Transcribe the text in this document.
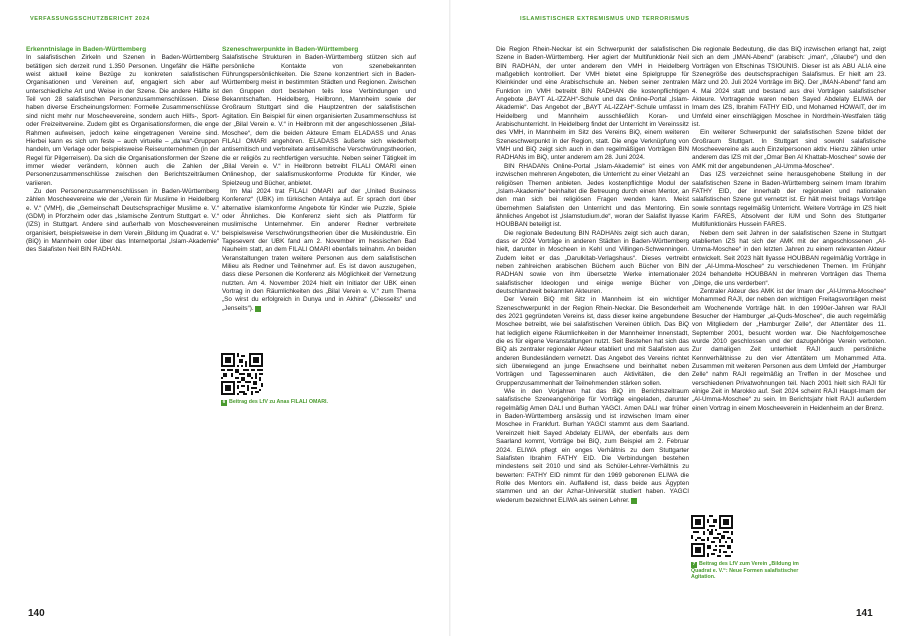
VERFASSUNGSSCHUTZBERICHT 2024
Erkenntnislage in Baden-Württemberg

In salafistischen Zirkeln und Szenen in Baden-Württemberg betätigen sich derzeit rund 1.350 Personen. Ungefähr die Hälfte weist aktuell keine Bezüge zu konkreten salafistischen Organisationen und Vereinen auf, engagiert sich aber auf unterschiedliche Art und Weise in der Szene. Die andere Hälfte ist Teil von 28 salafistischen Personenzusammenschlüssen. Diese haben diverse Erscheinungsformen: Formelle Zusammenschlüsse sind nicht mehr nur Moscheevereine, sondern auch Hilfs-, Sport- oder Freizeitvereine. Zudem gibt es Organisationsformen, die enge Rahmen aufweisen, jedoch keine eingetragenen Vereine sind. Hierbei kann es sich um feste – auch virtuelle – „da'wa“-Gruppen handeln, um Verlage oder beispielsweise Reiseunternehmen (in der Regel für Pilgerreisen). Da sich die Organisationsformen der Szene immer wieder verändern, können auch die Zahlen der Personenzusammenschlüsse zwischen den Berichtszeiträumen variieren.

Zu den Personenzusammenschlüssen in Baden-Württemberg zählen Moscheevereine wie der „Verein für Muslime in Heidelberg e. V.“ (VMH), die „Gemeinschaft Deutschsprachiger Muslime e. V.“ (GDM) in Pforzheim oder das „Islamische Zentrum Stuttgart e. V.“ (IZS) in Stuttgart. Andere sind außerhalb von Moscheevereinen organisiert, beispielsweise in dem Verein „Bildung im Quadrat e. V.“ (BiQ) in Mannheim oder über das Internetportal „Islam-Akademie“ des Salafisten Neil BIN RADHAN.

Szeneschwerpunkte in Baden-Württemberg

Salafistische Strukturen in Baden-Württemberg stützen sich auf persönliche Kontakte von szenebekannten Führungspersönlichkeiten. Die Szene konzentriert sich in Baden-Württemberg meist in bestimmten Städten und Regionen. Zwischen den Gruppen dort bestehen teils lose Verbindungen und Bekanntschaften. Heidelberg, Heilbronn, Mannheim sowie der Großraum Stuttgart sind die Hauptzentren der salafistischen Agitation. Ein Beispiel für einen organisierten Zusammenschluss ist der „Bilal Verein e. V.“ in Heilbronn mit der angeschlossenen „Bilal-Moschee“, dem die beiden Akteure Emam ELADASS und Anas FILALI OMARI angehören. ELADASS äußerte sich wiederholt antisemitisch und verbreitete antisemitische Verschwörungstheorien, die er religiös zu rechtfertigen versuchte. Neben seiner Tätigkeit im „Bilal Verein e. V.“ in Heilbronn betreibt FILALI OMARI einen Onlineshop, der salafismuskonforme Produkte für Kinder, wie Spielzeug und Bücher, anbietet.

Im Mai 2024 trat FILALI OMARI auf der „United Business Konferenz“ (UBK) im türkischen Antalya auf. Er sprach dort über alternative islamkonforme Angebote für Kinder wie Puzzle, Spiele oder Ähnliches. Die Konferenz sieht sich als Plattform für muslimische Unternehmer. Ein anderer Redner verbreitete beispielsweise Verschwörungstheorien über die Musikindustrie. Ein Tagesevent der UBK fand am 2. November im hessischen Bad Nauheim statt, an dem FILALI OMARI ebenfalls teilnahm. An beiden Veranstaltungen traten weitere Personen aus dem salafistischen Milieu als Redner und Teilnehmer auf. Es ist davon auszugehen, dass diese Personen die Konferenz als Möglichkeit der Vernetzung nutzten. Am 4. November 2024 hielt ein Initiator der UBK einen Vortrag in den Räumlichkeiten des „Bilal Verein e. V.“ zum Thema „So wirst du erfolgreich in Dunya und in Akhira“ („Diesseits“ und „Jenseits“). 6

6 Beitrag des LfV zu Anas FILALI OMARI.
140
ISLAMISTISCHER EXTREMISMUS UND TERRORISMUS
141

Die Region Rhein-Neckar ist ein Schwerpunkt der salafistischen Szene in Baden-Württemberg. Hier agiert der Multifunktionär Neil BIN RADHAN, der unter anderem den VMH in Heidelberg maßgeblich kontrolliert. Der VMH bietet eine Spielgruppe für Kleinkinder und eine Arabischschule an. Neben seiner zentralen Funktion im VMH betreibt BIN RADHAN die kostenpflichtigen Angebote „BAYT AL-IZZAH“-Schule und das Online-Portal „Islam-Akademie“. Das Angebot der „BAYT AL-IZZAH“-Schule umfasst in Heidelberg und Mannheim ausschließlich Koran- und Arabischunterricht. In Heidelberg findet der Unterricht im Vereinssitz des VMH, in Mannheim im Sitz des Vereins BiQ, einem weiteren Szeneschwerpunkt in der Region, statt. Die enge Verknüpfung von VMH und BiQ zeigt sich auch in den regelmäßigen Vorträgen BIN RADHANs im BiQ, unter anderem am 28. Juni 2024.

BIN RHADANs Online-Portal „Islam-Akademie“ ist eines von inzwischen mehreren Angeboten, die Unterricht zu einer Vielzahl an religiösen Themen anbieten. Jedes kostenpflichtige Modul der „Islam-Akademie“ beinhaltet die Betreuung durch einen Mentor, an den man sich bei religiösen Fragen wenden kann. Meist übernehmen Salafisten den Unterricht und das Mentoring. Ein ähnliches Angebot ist „Islamstudium.de“, woran der Salafist Ilyasse HOUBBAN beteiligt ist.

Die regionale Bedeutung BIN RADHANs zeigt sich auch daran, dass er 2024 Vorträge in anderen Städten in Baden-Württemberg hielt, darunter in Moscheen in Kehl und Villingen-Schwenningen. Zudem leitet er das „Darulkitab-Verlagshaus“. Dieses vertreibt neben zahlreichen arabischen Büchern auch Bücher von BIN RADHAN sowie von ihm übersetzte Werke internationaler salafistischer Ideologen und einige wenige Bücher von deutschlandweit bekannten Akteuren.

Der Verein BiQ mit Sitz in Mannheim ist ein wichtiger Szeneschwerpunkt in der Region Rhein-Neckar. Die Besonderheit des 2021 gegründeten Vereins ist, dass dieser keine angebundene Moschee betreibt, wie bei salafistischen Vereinen üblich. Das BiQ hat lediglich eigene Räumlichkeiten in der Mannheimer Innenstadt, die es für eigene Veranstaltungen nutzt. Seit Bestehen hat sich das BiQ als zentraler regionaler Akteur etabliert und mit Salafisten aus anderen Bundesländern vernetzt. Das Angebot des Vereins richtet sich überwiegend an junge Erwachsene und beinhaltet neben Vorträgen und Tagesseminaren auch Aktivitäten, die den Gruppenzusammenhalt der Teilnehmenden stärken sollen.

Wie in den Vorjahren hat das BiQ im Berichtszeitraum salafistische Szeneangehörige für Vorträge eingeladen, darunter regelmäßig Amen DALI und Burhan YAGCI. Amen DALI war früher in Baden-Württemberg ansässig und ist inzwischen Imam einer Moschee in Frankfurt. Burhan YAGCI stammt aus dem Saarland. Vereinzelt hielt Sayed Abdelaty ELIWA, der ebenfalls aus dem Saarland kommt, Vorträge bei BiQ, zum Beispiel am 2. Februar 2024. ELIWA pflegt ein enges Verhältnis zu dem Stuttgarter Salafisten Ibrahim FATHY EID. Die Verbindungen bestehen mindestens seit 2010 und sind als Schüler-Lehrer-Verhältnis zu bewerten: FATHY EID nimmt für den 1969 geborenen ELIWA die Rolle des Mentors ein. Auffallend ist, dass beide aus Ägypten stammen und an der Azhar-Universität studiert haben. YAGCI wiederum bezeichnet ELIWA als seinen Lehrer. 7

Die regionale Bedeutung, die das BiQ inzwischen erlangt hat, zeigt sich an dem „IMAN-Abend“ (arabisch: „iman“, „Glaube“) und den Vorträgen von Eftschinas TSIOUNIS. Dieser ist als ABU ALIA eine Szenegröße des deutschsprachigen Salafismus. Er hielt am 23. März und 20. Juli 2024 Vorträge im BiQ. Der „IMAN-Abend“ fand am 4. Mai 2024 statt und bestand aus drei Vorträgen salafistischer Akteure. Vortragende waren neben Sayed Abdelaty ELIWA der Imam des IZS, Ibrahim FATHY EID, und Mohamed HOWAIT, der im Umfeld einer einschlägigen Moschee in Nordrhein-Westfalen tätig ist.

Ein weiterer Schwerpunkt der salafistischen Szene bildet der Großraum Stuttgart. In Stuttgart sind sowohl salafistische Moscheevereine als auch Einzelpersonen aktiv. Hierzu zählen unter anderem das IZS mit der „Omar Ben Al Khattab-Moschee“ sowie der AMK mit der angebundenen „Al-Umma-Moschee“.

Das IZS verzeichnet seine herausgehobene Stellung in der salafistischen Szene in Baden-Württemberg seinem Imam Ibrahim FATHY EID, der innerhalb der regionalen und nationalen salafistischen Szene gut vernetzt ist. Er hält meist freitags Vorträge sowie sonntags regelmäßig Unterricht. Weitere Vorträge im IZS hielt Karim FARES, Absolvent der IUM und Sohn des Stuttgarter Multifunktionärs Hussein FARES.

Neben dem seit Jahren in der salafistischen Szene in Stuttgart etablierten IZS hat sich der AMK mit der angeschlossenen „Al-Umma-Moschee“ in den letzten Jahren zu einem relevanten Akteur entwickelt. Seit 2023 hält Ilyasse HOUBBAN regelmäßig Vorträge in der „Al-Umma-Moschee“ zu verschiedenen Themen. Im Frühjahr 2024 behandelte HOUBBAN in mehreren Vorträgen das Thema „Dinge, die uns verderben“.

Zentraler Akteur des AMK ist der Imam der „Al-Umma-Moschee“ Mohammed RAJI, der neben den wichtigen Freitagsvorträgen meist am Wochenende Vorträge hält. In den 1990er-Jahren war RAJI Besucher der Hamburger „al-Quds-Moschee“, die auch regelmäßig von Mitgliedern der „Hamburger Zelle“, der Attentäter des 11. September 2001, besucht worden war. Die Nachfolgemoschee wurde 2010 geschlossen und der dazugehörige Verein verboten. Zur damaligen Zeit unterhielt RAJI auch persönliche Kennverhältnisse zu den vier Attentätern um Mohammed Atta. Zusammen mit weiteren Personen aus dem Umfeld der „Hamburger Zelle“ nahm RAJI regelmäßig an Treffen in der Moschee und verschiedenen Privatwohnungen teil. Nach 2001 hielt sich RAJI für einige Zeit in Marokko auf. Seit 2024 scheint RAJI Haupt-Imam der „Al-Umma-Moschee“ zu sein. Im Berichtsjahr hielt RAJI außerdem einen Vortrag in einem Moscheeverein in Heidenheim an der Brenz.

7 Beitrag des LfV zum Verein „Bildung im Quadrat e. V.“: Neue Formen salafistischer Agitation.
